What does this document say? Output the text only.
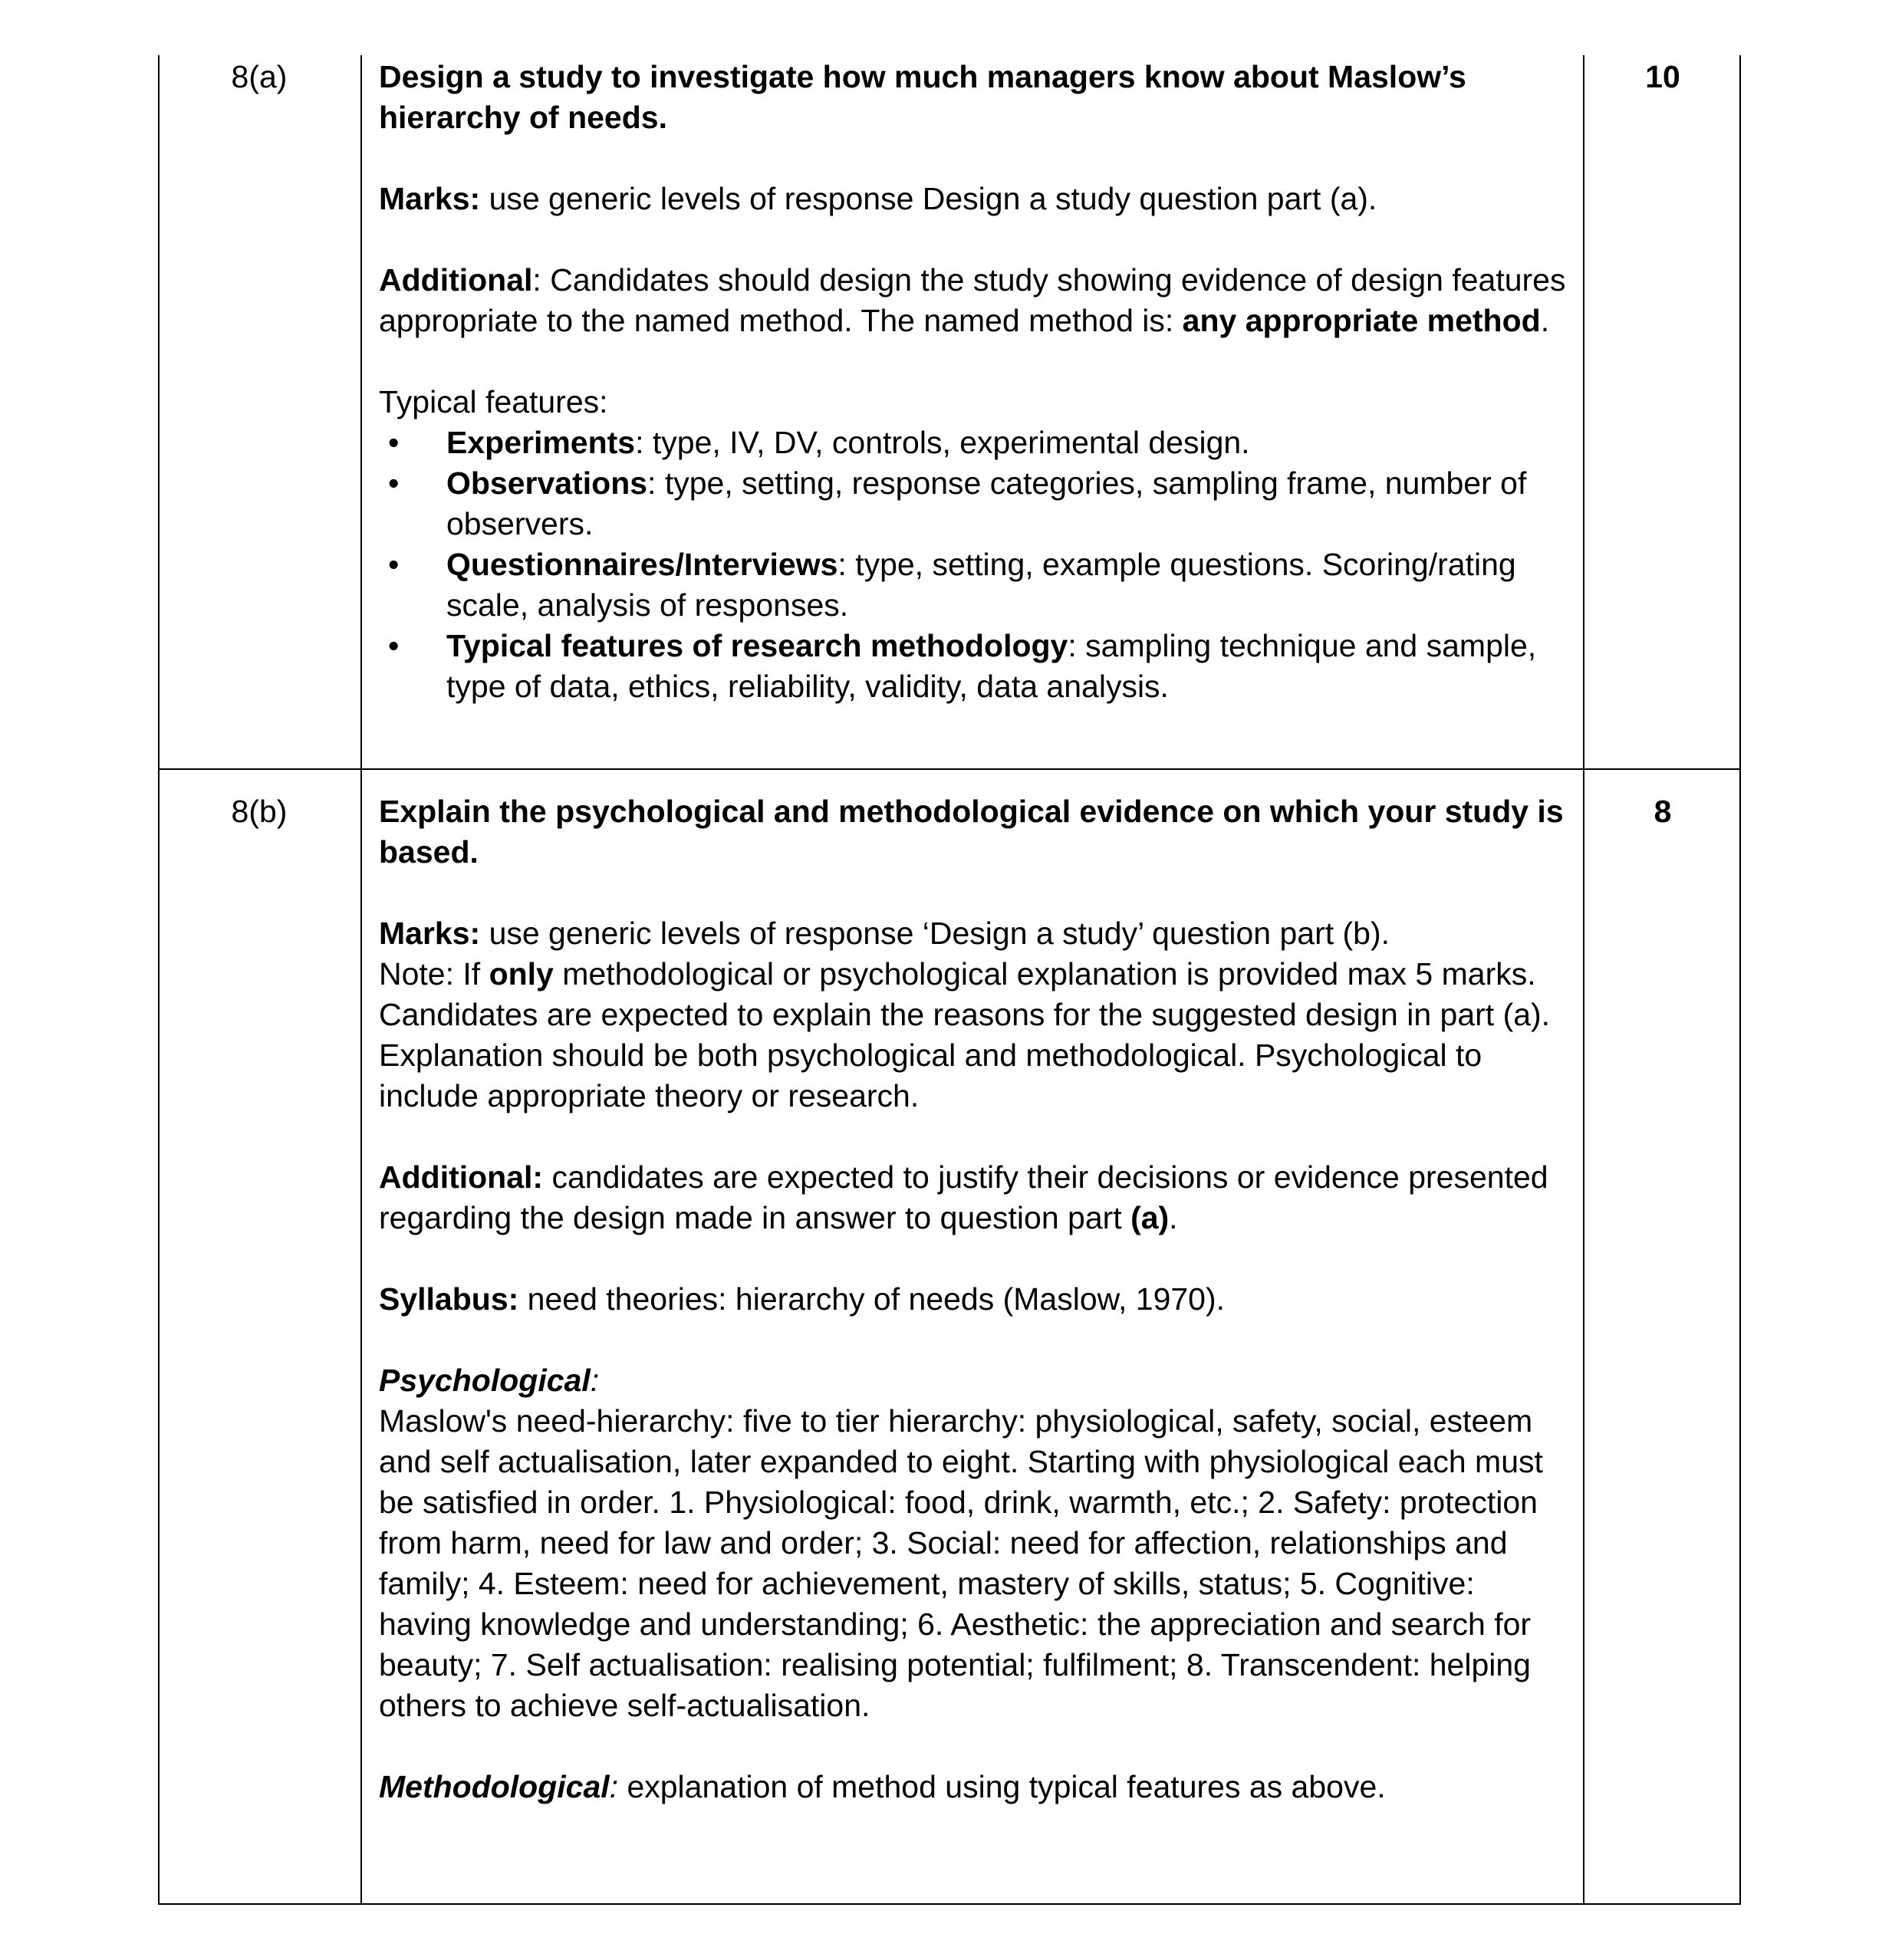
8(a)	10

Design a study to investigate how much managers know about Maslow’s hierarchy of needs.

Marks: use generic levels of response Design a study question part (a).

Additional: Candidates should design the study showing evidence of design features appropriate to the named method. The named method is: any appropriate method.

Typical features:

• Experiments: type, IV, DV, controls, experimental design.
• Observations: type, setting, response categories, sampling frame, number of observers.
• Questionnaires/Interviews: type, setting, example questions. Scoring/rating scale, analysis of responses.
• Typical features of research methodology: sampling technique and sample, type of data, ethics, reliability, validity, data analysis.
8(b)	8

Explain the psychological and methodological evidence on which your study is based.

Marks: use generic levels of response ‘Design a study’ question part (b).

Note: If only methodological or psychological explanation is provided max 5 marks.

Candidates are expected to explain the reasons for the suggested design in part (a). Explanation should be both psychological and methodological. Psychological to include appropriate theory or research.

Additional: candidates are expected to justify their decisions or evidence presented regarding the design made in answer to question part (a).

Syllabus: need theories: hierarchy of needs (Maslow, 1970).

Psychological:

Maslow's need-hierarchy: five to tier hierarchy: physiological, safety, social, esteem and self actualisation, later expanded to eight. Starting with physiological each must be satisfied in order. 1. Physiological: food, drink, warmth, etc.; 2. Safety: protection from harm, need for law and order; 3. Social: need for affection, relationships and family; 4. Esteem: need for achievement, mastery of skills, status; 5. Cognitive: having knowledge and understanding; 6. Aesthetic: the appreciation and search for beauty; 7. Self actualisation: realising potential; fulfilment; 8. Transcendent: helping others to achieve self-actualisation.

Methodological: explanation of method using typical features as above.
